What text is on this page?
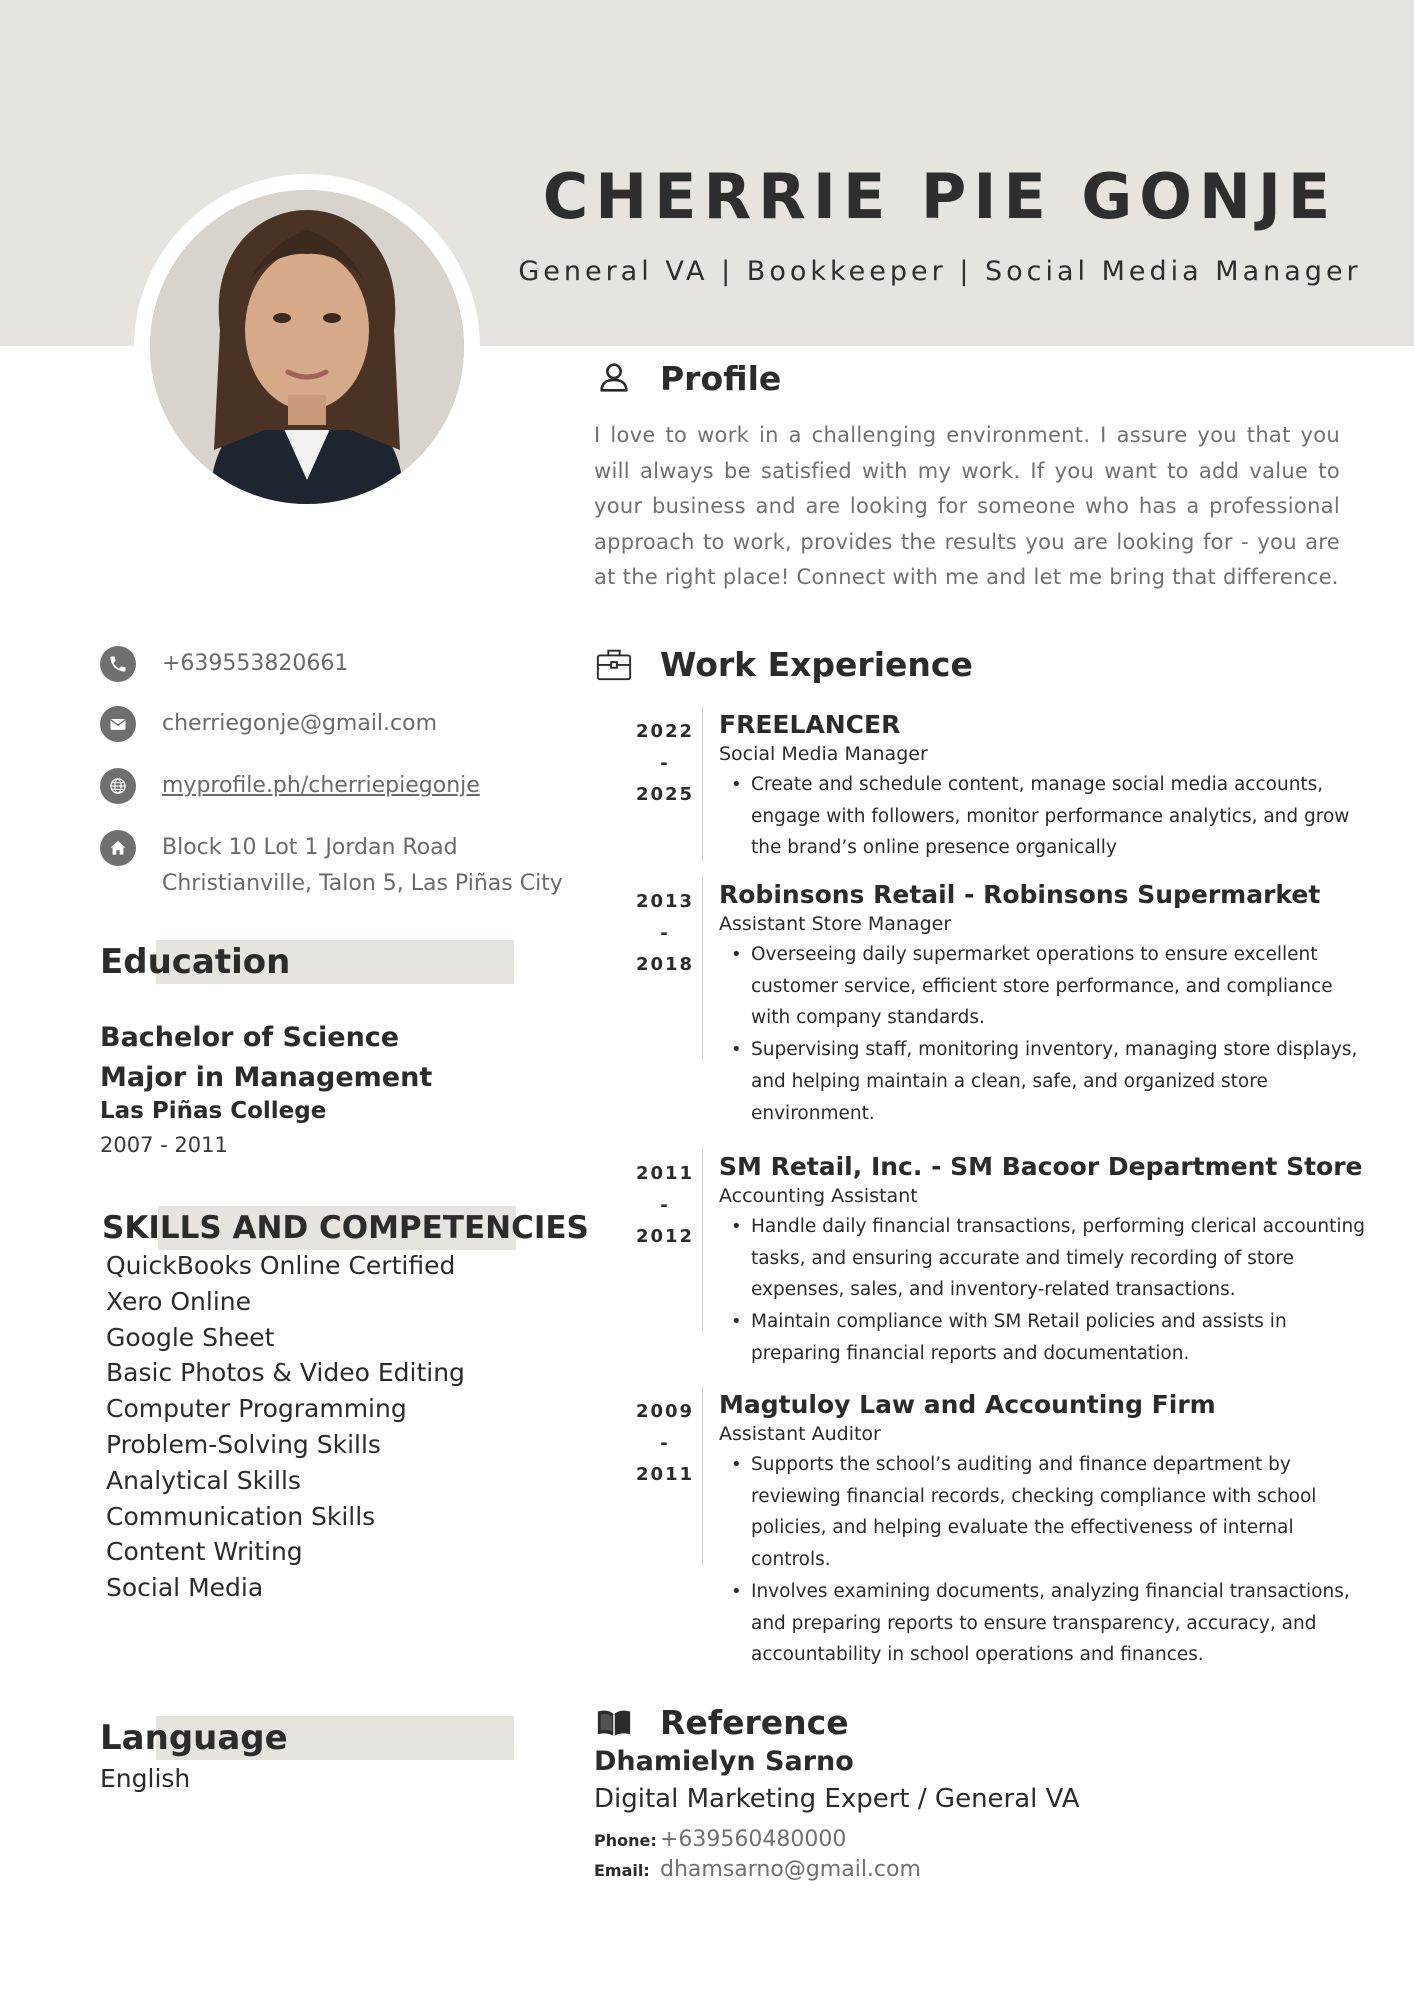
CHERRIE PIE GONJE
General VA | Bookkeeper | Social Media Manager
+639553820661
cherriegonje@gmail.com
myprofile.ph/cherriepiegonje
Block 10 Lot 1 Jordan Road
Christianville, Talon 5, Las Piñas City
Education
Bachelor of Science
Major in Management
Las Piñas College
2007 - 2011
SKILLS AND COMPETENCIES
QuickBooks Online Certified
Xero Online
Google Sheet
Basic Photos & Video Editing
Computer Programming
Problem-Solving Skills
Analytical Skills
Communication Skills
Content Writing
Social Media
Language
English
Profile
I love to work in a challenging environment. I assure you that you will always be satisfied with my work. If you want to add value to your business and are looking for someone who has a professional approach to work, provides the results you are looking for - you are at the right place! Connect with me and let me bring that difference.
Work Experience
2022
-
2025
FREELANCER
Social Media Manager
• Create and schedule content, manage social media accounts, engage with followers, monitor performance analytics, and grow the brand’s online presence organically
2013
-
2018
Robinsons Retail - Robinsons Supermarket
Assistant Store Manager
• Overseeing daily supermarket operations to ensure excellent customer service, efficient store performance, and compliance with company standards.
• Supervising staff, monitoring inventory, managing store displays, and helping maintain a clean, safe, and organized store environment.
2011
-
2012
SM Retail, Inc. - SM Bacoor Department Store
Accounting Assistant
• Handle daily financial transactions, performing clerical accounting tasks, and ensuring accurate and timely recording of store expenses, sales, and inventory-related transactions.
• Maintain compliance with SM Retail policies and assists in preparing financial reports and documentation.
2009
-
2011
Magtuloy Law and Accounting Firm
Assistant Auditor
• Supports the school’s auditing and finance department by reviewing financial records, checking compliance with school policies, and helping evaluate the effectiveness of internal controls.
• Involves examining documents, analyzing financial transactions, and preparing reports to ensure transparency, accuracy, and accountability in school operations and finances.
Reference
Dhamielyn Sarno
Digital Marketing Expert / General VA
Phone: +639560480000
Email: dhamsarno@gmail.com
